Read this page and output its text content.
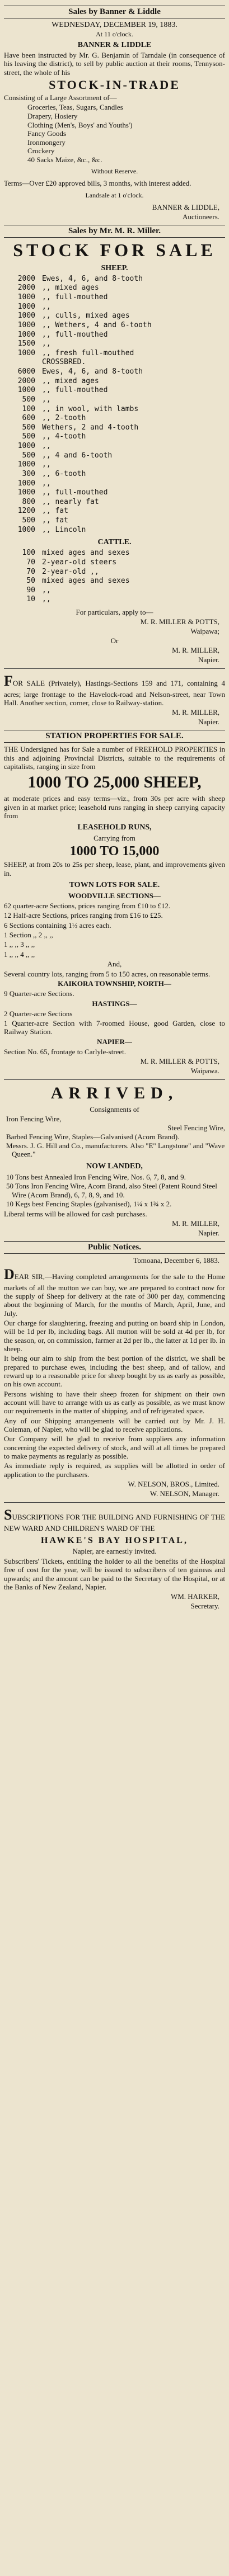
Sales by Banner & Liddle
WEDNESDAY, DECEMBER 19, 1883.
At 11 o'clock.
BANNER & LIDDLE
Have been instructed by Mr. G. Benjamin of Tarndale (in consequence of his leaving the district), to sell by public auction at their rooms, Tennyson-street, the whole of his
STOCK-IN-TRADE
Consisting of a Large Assortment of—
Groceries, Teas, Sugars, Candles
Drapery, Hosiery
Clothing (Men's, Boys' and Youths')
Fancy Goods
Ironmongery
Crockery
40 Sacks Maize, &c., &c.
Without Reserve.
Terms—Over £20 approved bills, 3 months, with interest added.
Landsale at 1 o'clock.
BANNER & LIDDLE,
Auctioneers.
Sales by Mr. M. R. Miller.
STOCK FOR SALE
SHEEP.
2000 Ewes, 4, 6, and 8-tooth
2000 ,, mixed ages
1000 ,, full-mouthed
1000 ,,
1000 ,, culls, mixed ages
1000 ,, Wethers, 4 and 6-tooth
1000 ,, full-mouthed
1500 ,,
1000 ,, fresh full-mouthed
CROSSBRED.
6000 Ewes, 4, 6, and 8-tooth
2000 ,, mixed ages
1000 ,, full-mouthed
500 ,,
100 ,, in wool, with lambs
600 ,, 2-tooth
500 Wethers, 2 and 4-tooth
500 ,, 4-tooth
1000 ,,
500 ,, 4 and 6-tooth
1000 ,,
300 ,, 6-tooth
1000 ,,
1000 ,, full-mouthed
800 ,, nearly fat
1200 ,, fat
500 ,, fat
1000 ,, Lincoln
CATTLE.
100 mixed ages and sexes
70 2-year-old steers
70 2-year-old ,,
50 mixed ages and sexes
90 ,,
10 ,,
For particulars, apply to—
M. R. MILLER & POTTS,
Waipawa;
Or
M. R. MILLER,
Napier.
FOR SALE (Privately), Hastings-Sections 159 and 171, containing 4 acres; large frontage to the Havelock-road and Nelson-street, near Town Hall. Another section, corner, close to Railway-station.
M. R. MILLER,
Napier.
STATION PROPERTIES FOR SALE.
THE Undersigned has for Sale a number of FREEHOLD PROPERTIES in this and adjoining Provincial Districts, suitable to the requirements of capitalists, ranging in size from
1000 TO 25,000 SHEEP,
at moderate prices and easy terms—viz., from 30s per acre with sheep given in at market price; leasehold runs ranging in sheep carrying capacity from
LEASEHOLD RUNS,
Carrying from
1000 TO 15,000
SHEEP, at from 20s to 25s per sheep, lease, plant, and improvements given in.
TOWN LOTS FOR SALE.
WOODVILLE SECTIONS—
62 quarter-acre Sections, prices ranging from £10 to £12.
12 Half-acre Sections, prices ranging from £16 to £25.
6 Sections containing 1½ acres each.
1 Section ,, 2 ,, ,,
1 ,, ,, 3 ,, ,,
1 ,, ,, 4 ,, ,,
And,
Several country lots, ranging from 5 to 150 acres, on reasonable terms.
KAIKORA TOWNSHIP, NORTH—
9 Quarter-acre Sections.
HASTINGS—
2 Quarter-acre Sections
1 Quarter-acre Section with 7-roomed House, good Garden, close to Railway Station.
NAPIER—
Section No. 65, frontage to Carlyle-street.
M. R. MILLER & POTTS,
Waipawa.
ARRIVED,
Consignments of
Iron Fencing Wire,
Steel Fencing Wire,
Barbed Fencing Wire, Staples—Galvanised (Acorn Brand).
Messrs. J. G. Hill and Co., manufacturers. Also "E" Langstone" and "Wave Queen."
NOW LANDED,
10 Tons best Annealed Iron Fencing Wire, Nos. 6, 7, 8, and 9.
50 Tons Iron Fencing Wire, Acorn Brand, also Steel (Patent Round Steel Wire (Acorn Brand), 6, 7, 8, 9, and 10.
10 Kegs best Fencing Staples (galvanised), 1¼ x 1¾ x 2.
Liberal terms will be allowed for cash purchases.
M. R. MILLER,
Napier.
Public Notices.
Tomoana, December 6, 1883.
DEAR SIR,—Having completed arrangements for the sale to the Home markets of all the mutton we can buy, we are prepared to contract now for the supply of Sheep for delivery at the rate of 300 per day, commencing about the beginning of March, for the months of March, April, June, and July.
Our charge for slaughtering, freezing and putting on board ship in London, will be 1d per lb, including bags. All mutton will be sold at 4d per lb, for the season, or, on commission, farmer at 2d per lb., the latter at 1d per lb. in sheep.
It being our aim to ship from the best portion of the district, we shall be prepared to purchase ewes, including the best sheep, and of tallow, and reward up to a reasonable price for sheep bought by us as early as possible, on his own account.
Persons wishing to have their sheep frozen for shipment on their own account will have to arrange with us as early as possible, as we must know our requirements in the matter of shipping, and of refrigerated space.
Any of our Shipping arrangements will be carried out by Mr. J. H. Coleman, of Napier, who will be glad to receive applications.
Our Company will be glad to receive from suppliers any information concerning the expected delivery of stock, and will at all times be prepared to make payments as regularly as possible.
As immediate reply is required, as supplies will be allotted in order of application to the purchasers.
W. NELSON, BROS., Limited.
W. NELSON, Manager.
SUBSCRIPTIONS FOR THE BUILDING AND FURNISHING OF THE NEW WARD AND CHILDREN'S WARD OF THE
HAWKE'S BAY HOSPITAL,
Napier, are earnestly invited.
Subscribers' Tickets, entitling the holder to all the benefits of the Hospital free of cost for the year, will be issued to subscribers of ten guineas and upwards; and the amount can be paid to the Secretary of the Hospital, or at the Banks of New Zealand, Napier.
WM. HARKER,
Secretary.
